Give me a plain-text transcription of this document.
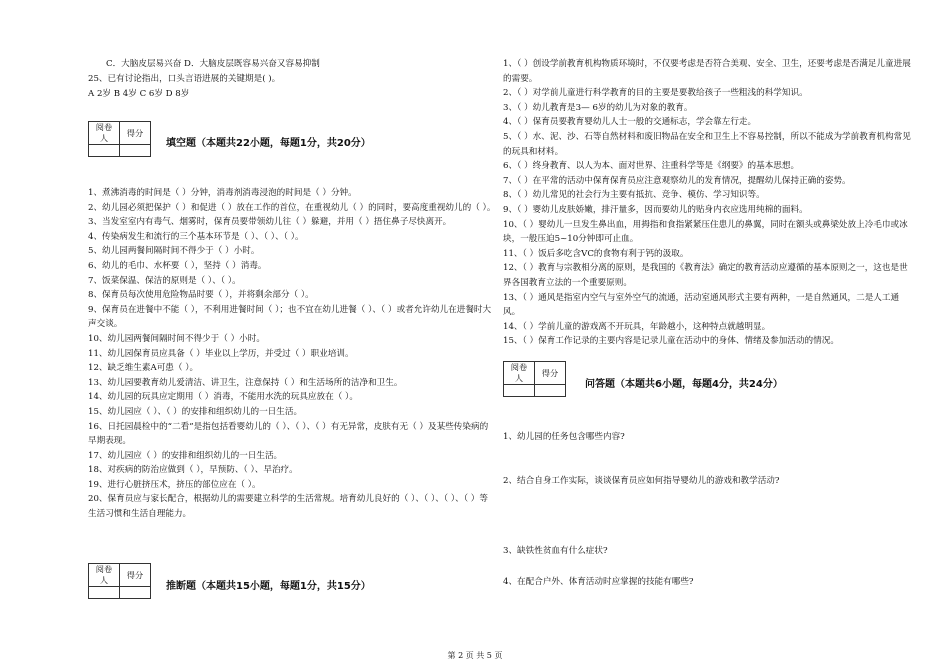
C．大脑皮层易兴奋 D．大脑皮层既容易兴奋又容易抑制
25、已有讨论指出，口头言语进展的关键期是( )。
A 2岁 B 4岁 C 6岁 D 8岁
阅卷人	得分

填空题（本题共22小题，每题1分，共20分）
1、煮沸消毒的时间是（ ）分钟，消毒剂消毒浸泡的时间是（ ）分钟。
2、幼儿园必须把保护（ ）和促进（ ）放在工作的首位，在重视幼儿（ ）的同时，要高度重视幼儿的（ ）。
3、当发室室内有毒气、烟雾时，保育员要带领幼儿往（ ）躲避，并用（ ）捂住鼻子尽快离开。
4、传染病发生和流行的三个基本环节是（ ）、（ ）、（ ）。
5、幼儿园两餐间隔时间不得少于（ ）小时。
6、幼儿的毛巾、水杯要（ ），坚持（ ）消毒。
7、饭菜保温、保洁的原则是（ ）、（ ）。
8、保育员每次使用危险物品时要（ ），并将剩余部分（ ）。
9、保育员在进餐中不能（ ），不利用进餐时间（ ）；也不宜在幼儿进餐（ ）、（ ）或者允许幼儿在进餐时大声交谈。
10、幼儿园两餐间隔时间不得少于（ ）小时。
11、幼儿园保育员应具备（ ）毕业以上学历，并受过（ ）职业培训。
12、缺乏维生素A可患（ ）。
13、幼儿园要教育幼儿爱清洁、讲卫生，注意保持（ ）和生活场所的洁净和卫生。
14、幼儿园的玩具应定期用（ ）消毒，不能用水洗的玩具应放在（ ）。
15、幼儿园应（ ）、（ ）的安排和组织幼儿的一日生活。
16、日托园晨检中的“二看”是指包括看婴幼儿的（ ）、（ ）、（ ）有无异常，皮肤有无（ ）及某些传染病的早期表现。
17、幼儿园应（ ）的安排和组织幼儿的一日生活。
18、对疾病的防治应做到（ ），早预防、（ ）、早治疗。
19、进行心脏挤压术，挤压的部位应在（ ）。
20、保育员应与家长配合，根据幼儿的需要建立科学的生活常规。培育幼儿良好的（ ）、（ ）、（ ）、（ ）等生活习惯和生活自理能力。
阅卷人	得分

推断题（本题共15小题，每题1分，共15分）
1、（ ）创设学前教育机构物质环境时，不仅要考虑是否符合美观、安全、卫生，还要考虑是否满足儿童进展的需要。
2、（ ）对学前儿童进行科学教育的目的主要是要教给孩子一些粗浅的科学知识。
3、（ ）幼儿教育是3— 6岁的幼儿为对象的教育。
4、（ ）保育员要教育婴幼儿人士一般的交通标志，学会靠左行走。
5、（ ）水、泥、沙、石等自然材料和废旧物品在安全和卫生上不容易控制，所以不能成为学前教育机构常见的玩具和材料。
6、（ ）终身教育、以人为本、面对世界、注重科学等是《纲要》的基本思想。
7、（ ）在平常的活动中保育保育员应注意观察幼儿的发育情况，提醒幼儿保持正确的姿势。
8、（ ）幼儿常见的社会行为主要有抵抗、竞争、模仿、学习知识等。
9、（ ）婴幼儿皮肤娇嫩，排汗量多，因而要幼儿的贴身内衣应选用纯棉的面料。
10、（ ）婴幼儿一旦发生鼻出血，用拇指和食指紧紧压住患儿的鼻翼，同时在额头或鼻梁处放上冷毛巾或冰块，一般压迫5~10分钟即可止血。
11、（ ）饭后多吃含VC的食物有利于钙的汲取。
12、（ ）教育与宗教相分离的原则，是我国的《教育法》确定的教育活动应遵循的基本原则之一，这也是世界各国教育立法的一个重要原则。
13、（ ）通风是指室内空气与室外空气的流通，活动室通风形式主要有两种，一是自然通风，二是人工通风。
14、（ ）学前儿童的游戏离不开玩具，年龄越小，这种特点就越明显。
15、（ ）保育工作记录的主要内容是记录儿童在活动中的身体、情绪及参加活动的情况。
阅卷人	得分

问答题（本题共6小题，每题4分，共24分）
1、幼儿园的任务包含哪些内容?
2、结合自身工作实际，谈谈保育员应如何指导婴幼儿的游戏和教学活动?
3、缺铁性贫血有什么症状?
4、在配合户外、体育活动时应掌握的技能有哪些?
第 2 页 共 5 页
